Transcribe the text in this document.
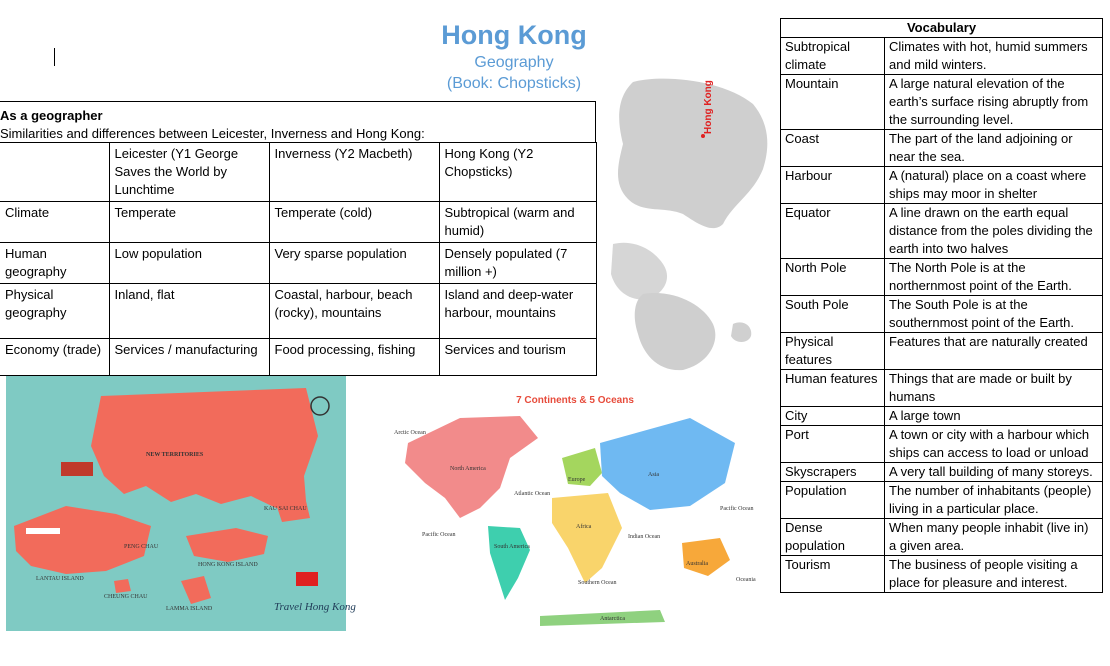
Hong Kong
Geography
(Book: Chopsticks)	Hong Kong
As a geographer
Similarities and differences between Leicester, Inverness and Hong Kong:
	Leicester (Y1 George Saves the World by Lunchtime	Inverness (Y2 Macbeth)	Hong Kong (Y2 Chopsticks)
Climate	Temperate	Temperate (cold)	Subtropical (warm and humid)
Human geography	Low population	Very sparse population	Densely populated (7 million +)
Physical geography	Inland, flat	Coastal, harbour, beach (rocky), mountains	Island and deep-water harbour, mountains
Economy (trade)	Services / manufacturing	Food processing, fishing	Services and tourism
Vocabulary	
Subtropical climate	Climates with hot, humid summers and mild winters.
Mountain	A large natural elevation of the earth’s surface rising abruptly from the surrounding level.
Coast	The part of the land adjoining or near the sea.
Harbour	A (natural) place on a coast where ships may moor in shelter
Equator	A line drawn on the earth equal distance from the poles dividing the earth into two halves
North Pole	The North Pole is at the northernmost point of the Earth.
South Pole	The South Pole is at the southernmost point of the Earth.
Physical features	Features that are naturally created
Human features	Things that are made or built by humans
City	A large town
Port	A town or city with a harbour which ships can access to load or unload
Skyscrapers	A very tall building of many storeys.
Population	The number of inhabitants (people) living in a particular place.
Dense population	When many people inhabit (live in) a given area.
Tourism	The business of people visiting a place for pleasure and interest.
NEW TERRITORIES
KAU SAI CHAU
PENG CHAU
HONG KONG ISLAND
LANTAU ISLAND
CHEUNG CHAU
LAMMA ISLAND	Travel Hong Kong
7 Continents & 5 Oceans
North America
South America
Europe
Africa
Asia
Australia
Antarctica
Arctic Ocean
Atlantic Ocean
Pacific Ocean
Pacific Ocean
Indian Ocean
Southern Ocean	Oceania
